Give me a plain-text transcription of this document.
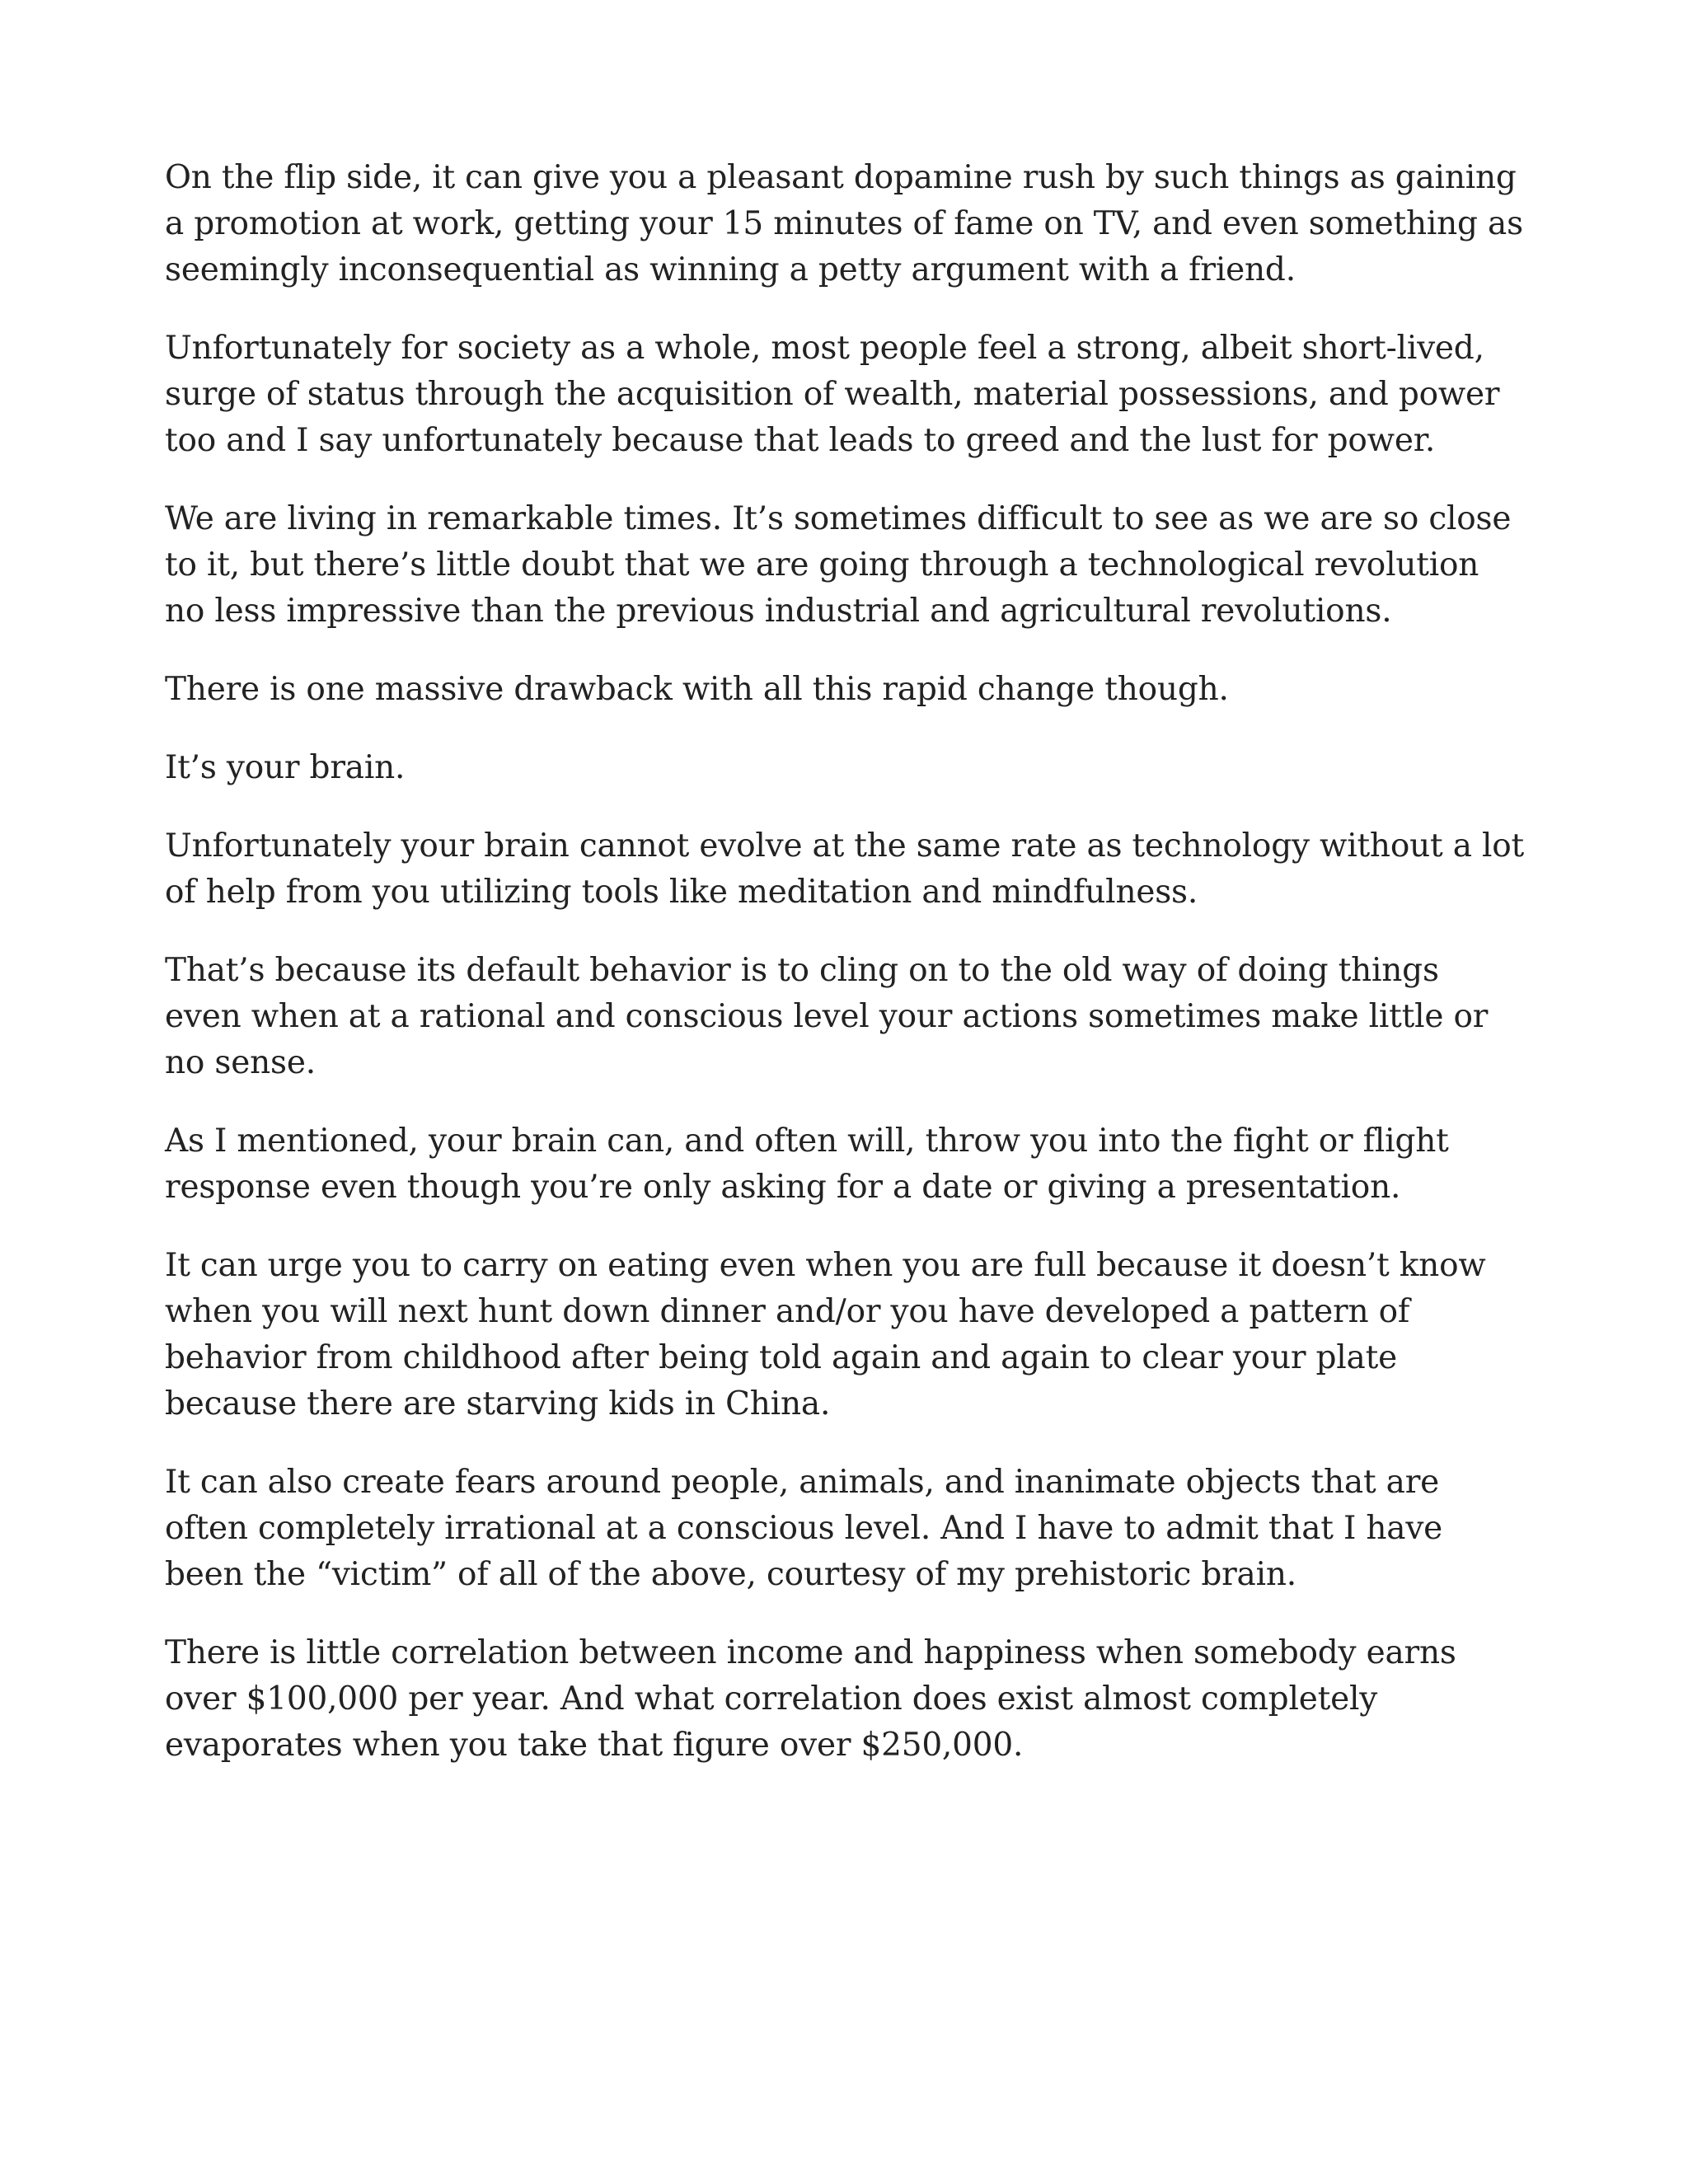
On the flip side, it can give you a pleasant dopamine rush by such things as gaining a promotion at work, getting your 15 minutes of fame on TV, and even something as seemingly inconsequential as winning a petty argument with a friend.

Unfortunately for society as a whole, most people feel a strong, albeit short-lived, surge of status through the acquisition of wealth, material possessions, and power too and I say unfortunately because that leads to greed and the lust for power.

We are living in remarkable times. It’s sometimes difficult to see as we are so close to it, but there’s little doubt that we are going through a technological revolution no less impressive than the previous industrial and agricultural revolutions.

There is one massive drawback with all this rapid change though.

It’s your brain.

Unfortunately your brain cannot evolve at the same rate as technology without a lot of help from you utilizing tools like meditation and mindfulness.

That’s because its default behavior is to cling on to the old way of doing things even when at a rational and conscious level your actions sometimes make little or no sense.

As I mentioned, your brain can, and often will, throw you into the fight or flight response even though you’re only asking for a date or giving a presentation.

It can urge you to carry on eating even when you are full because it doesn’t know when you will next hunt down dinner and/or you have developed a pattern of behavior from childhood after being told again and again to clear your plate because there are starving kids in China.

It can also create fears around people, animals, and inanimate objects that are often completely irrational at a conscious level. And I have to admit that I have been the “victim” of all of the above, courtesy of my prehistoric brain.

There is little correlation between income and happiness when somebody earns over $100,000 per year. And what correlation does exist almost completely evaporates when you take that figure over $250,000.
